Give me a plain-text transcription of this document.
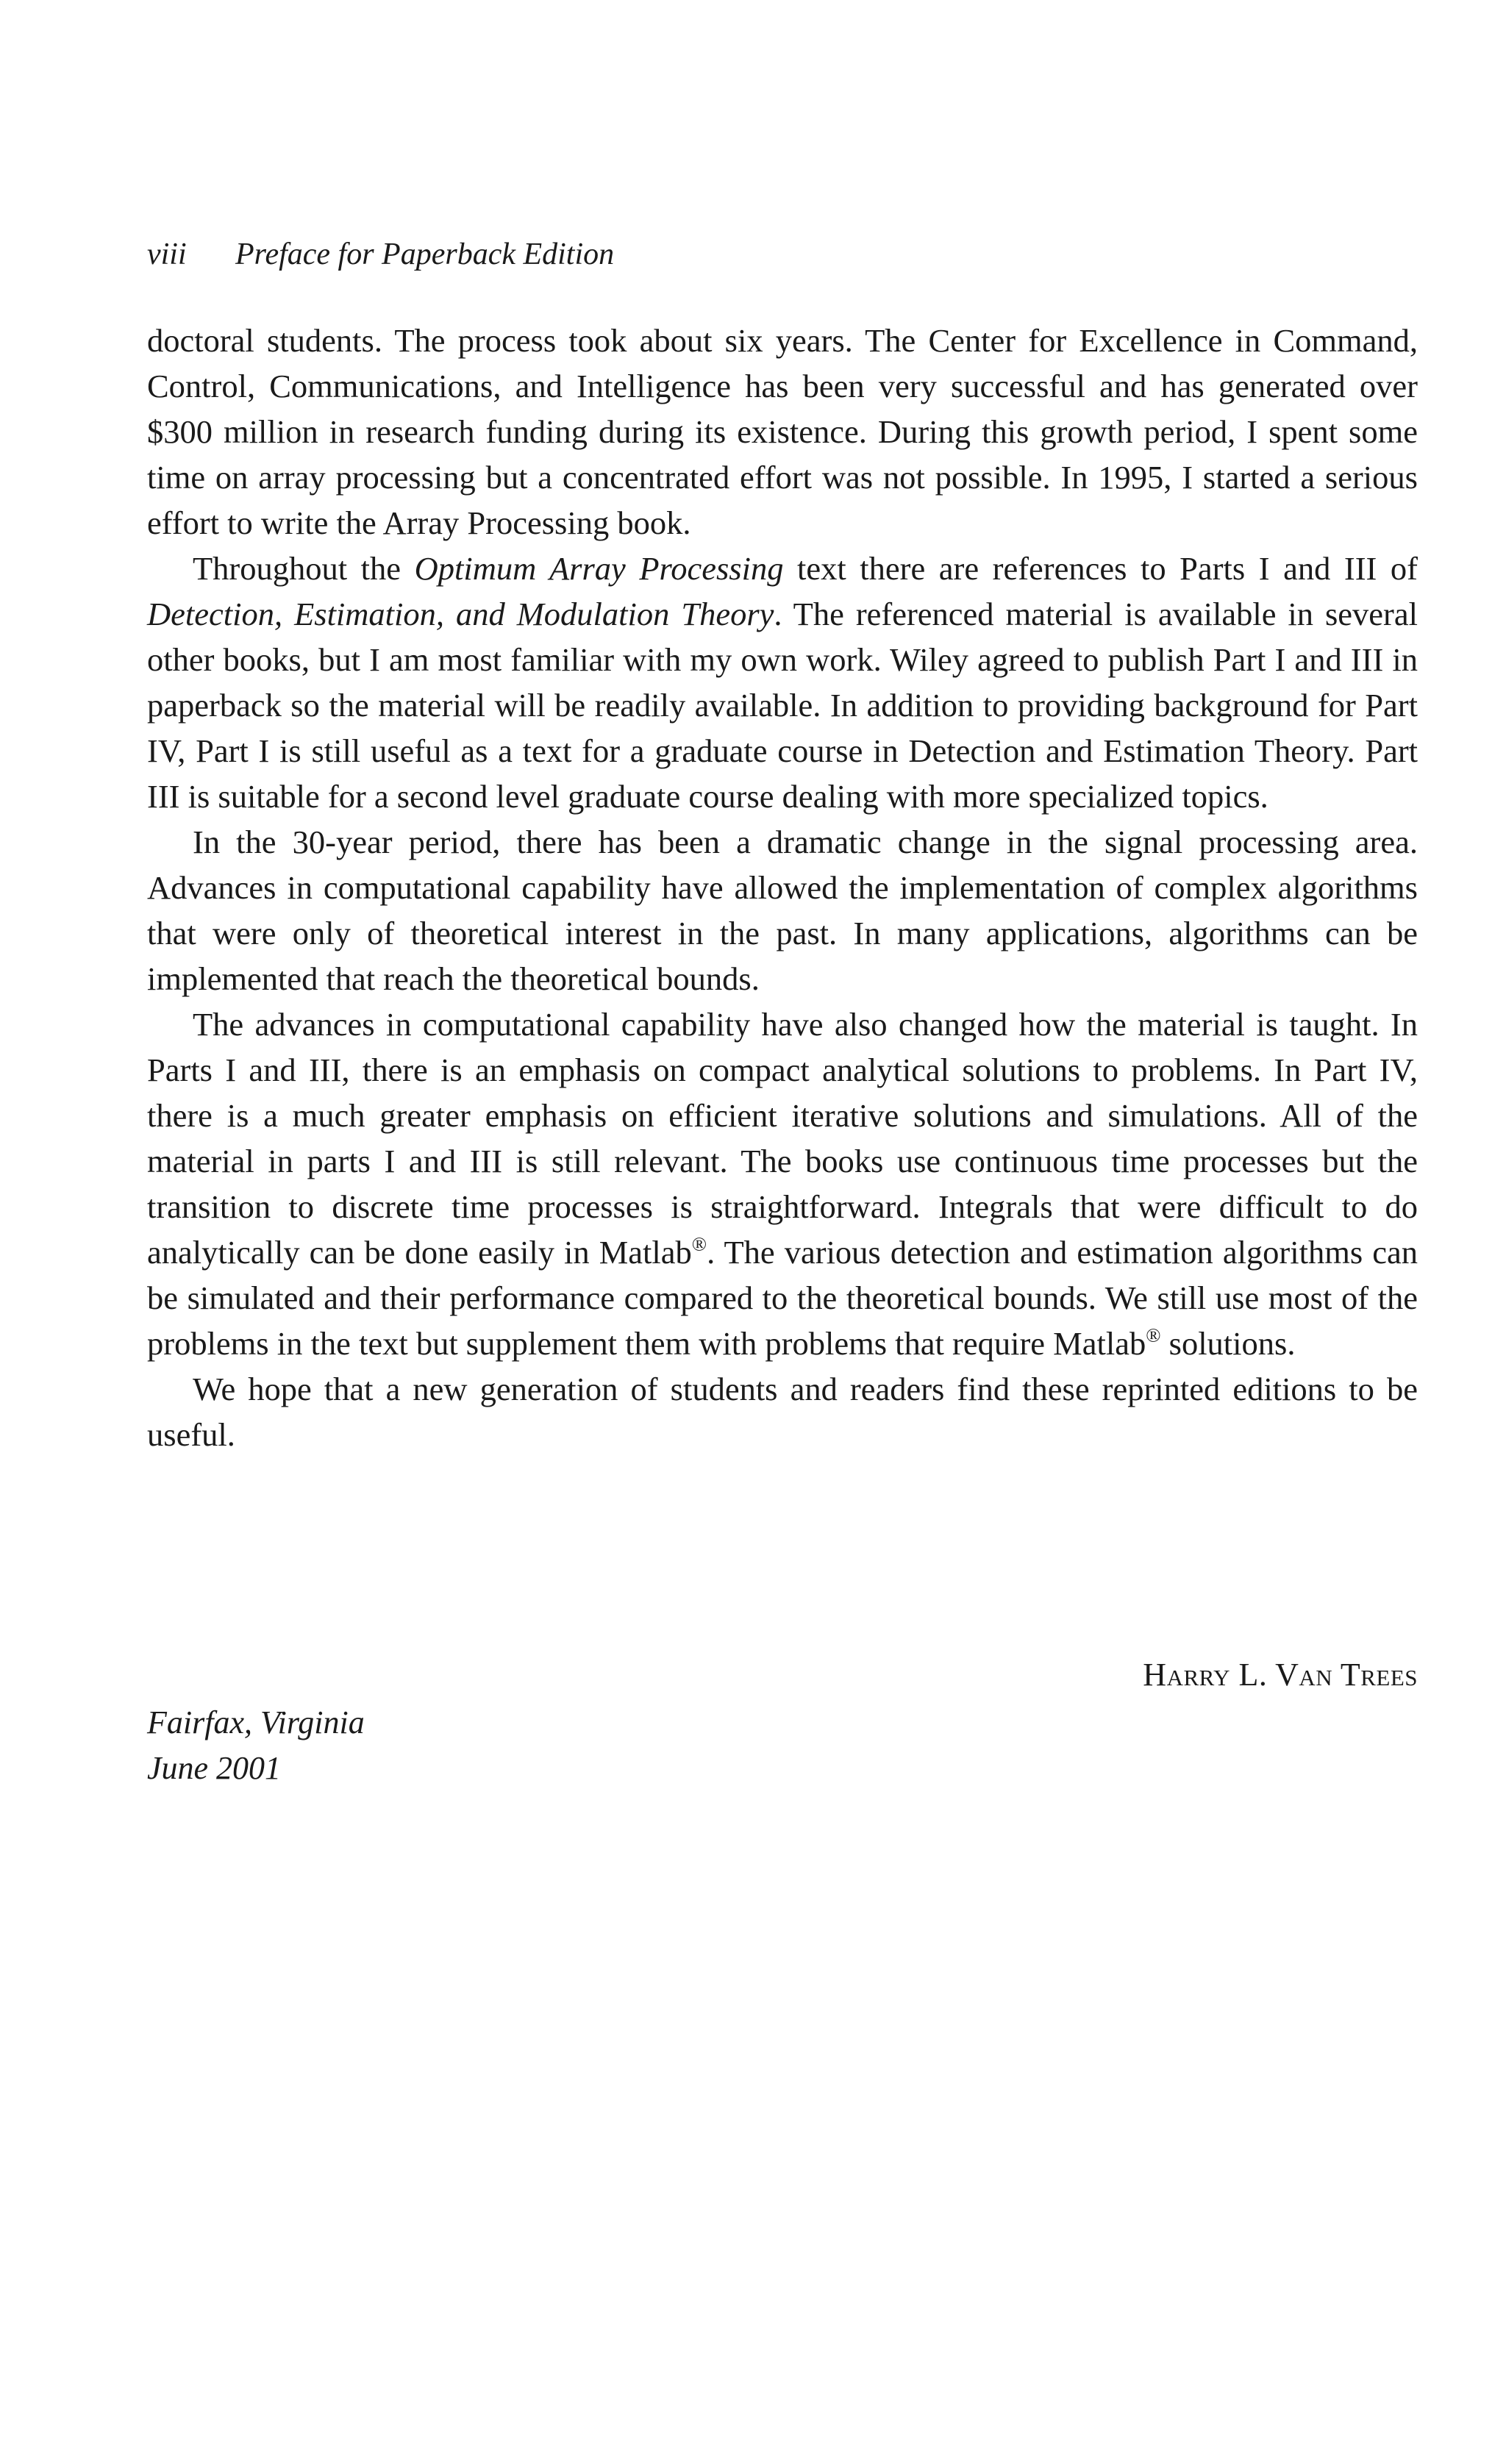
viii Preface for Paperback Edition

doctoral students. The process took about six years. The Center for Excellence in Command, Control, Communications, and Intelligence has been very successful and has generated over $300 million in research funding during its existence. During this growth period, I spent some time on array processing but a concentrated effort was not possible. In 1995, I started a serious effort to write the Array Processing book.

Throughout the Optimum Array Processing text there are references to Parts I and III of Detection, Estimation, and Modulation Theory. The referenced material is available in several other books, but I am most familiar with my own work. Wiley agreed to publish Part I and III in paperback so the material will be readily available. In addition to providing background for Part IV, Part I is still useful as a text for a graduate course in Detection and Estimation Theory. Part III is suitable for a second level graduate course dealing with more specialized topics.

In the 30-year period, there has been a dramatic change in the signal processing area. Advances in computational capability have allowed the implementation of complex algorithms that were only of theoretical interest in the past. In many applications, algorithms can be implemented that reach the theoretical bounds.

The advances in computational capability have also changed how the material is taught. In Parts I and III, there is an emphasis on compact analytical solutions to problems. In Part IV, there is a much greater emphasis on efficient iterative solutions and simulations. All of the material in parts I and III is still relevant. The books use continuous time processes but the transition to discrete time processes is straightforward. Integrals that were difficult to do analytically can be done easily in Matlab®. The various detection and estimation algorithms can be simulated and their performance compared to the theoretical bounds. We still use most of the problems in the text but supplement them with problems that require Matlab® solutions.

We hope that a new generation of students and readers find these reprinted editions to be useful.

Harry L. Van Trees
Fairfax, Virginia
June 2001
